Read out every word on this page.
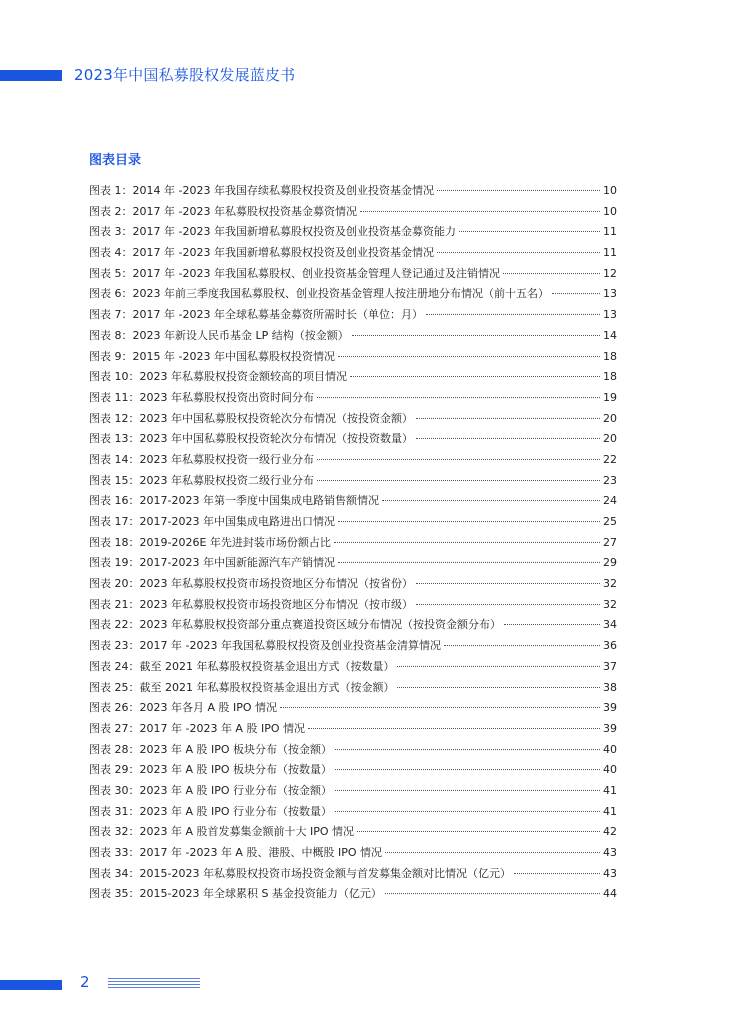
2023年中国私募股权发展蓝皮书
图表目录
图表 1：2014 年 -2023 年我国存续私募股权投资及创业投资基金情况	10
图表 2：2017 年 -2023 年私募股权投资基金募资情况	10
图表 3：2017 年 -2023 年我国新增私募股权投资及创业投资基金募资能力	11
图表 4：2017 年 -2023 年我国新增私募股权投资及创业投资基金情况	11
图表 5：2017 年 -2023 年我国私募股权、创业投资基金管理人登记通过及注销情况	12
图表 6：2023 年前三季度我国私募股权、创业投资基金管理人按注册地分布情况（前十五名）	13
图表 7：2017 年 -2023 年全球私募基金募资所需时长（单位：月）	13
图表 8：2023 年新设人民币基金 LP 结构（按金额）	14
图表 9：2015 年 -2023 年中国私募股权投资情况	18
图表 10：2023 年私募股权投资金额较高的项目情况	18
图表 11：2023 年私募股权投资出资时间分布	19
图表 12：2023 年中国私募股权投资轮次分布情况（按投资金额）	20
图表 13：2023 年中国私募股权投资轮次分布情况（按投资数量）	20
图表 14：2023 年私募股权投资一级行业分布	22
图表 15：2023 年私募股权投资二级行业分布	23
图表 16：2017-2023 年第一季度中国集成电路销售额情况	24
图表 17：2017-2023 年中国集成电路进出口情况	25
图表 18：2019-2026E 年先进封装市场份额占比	27
图表 19：2017-2023 年中国新能源汽车产销情况	29
图表 20：2023 年私募股权投资市场投资地区分布情况（按省份）	32
图表 21：2023 年私募股权投资市场投资地区分布情况（按市级）	32
图表 22：2023 年私募股权投资部分重点赛道投资区域分布情况（按投资金额分布）	34
图表 23：2017 年 -2023 年我国私募股权投资及创业投资基金清算情况	36
图表 24：截至 2021 年私募股权投资基金退出方式（按数量）	37
图表 25：截至 2021 年私募股权投资基金退出方式（按金额）	38
图表 26：2023 年各月 A 股 IPO 情况	39
图表 27：2017 年 -2023 年 A 股 IPO 情况	39
图表 28：2023 年 A 股 IPO 板块分布（按金额）	40
图表 29：2023 年 A 股 IPO 板块分布（按数量）	40
图表 30：2023 年 A 股 IPO 行业分布（按金额）	41
图表 31：2023 年 A 股 IPO 行业分布（按数量）	41
图表 32：2023 年 A 股首发募集金额前十大 IPO 情况	42
图表 33：2017 年 -2023 年 A 股、港股、中概股 IPO 情况	43
图表 34：2015-2023 年私募股权投资市场投资金额与首发募集金额对比情况（亿元）	43
图表 35：2015-2023 年全球累积 S 基金投资能力（亿元）	44
2
